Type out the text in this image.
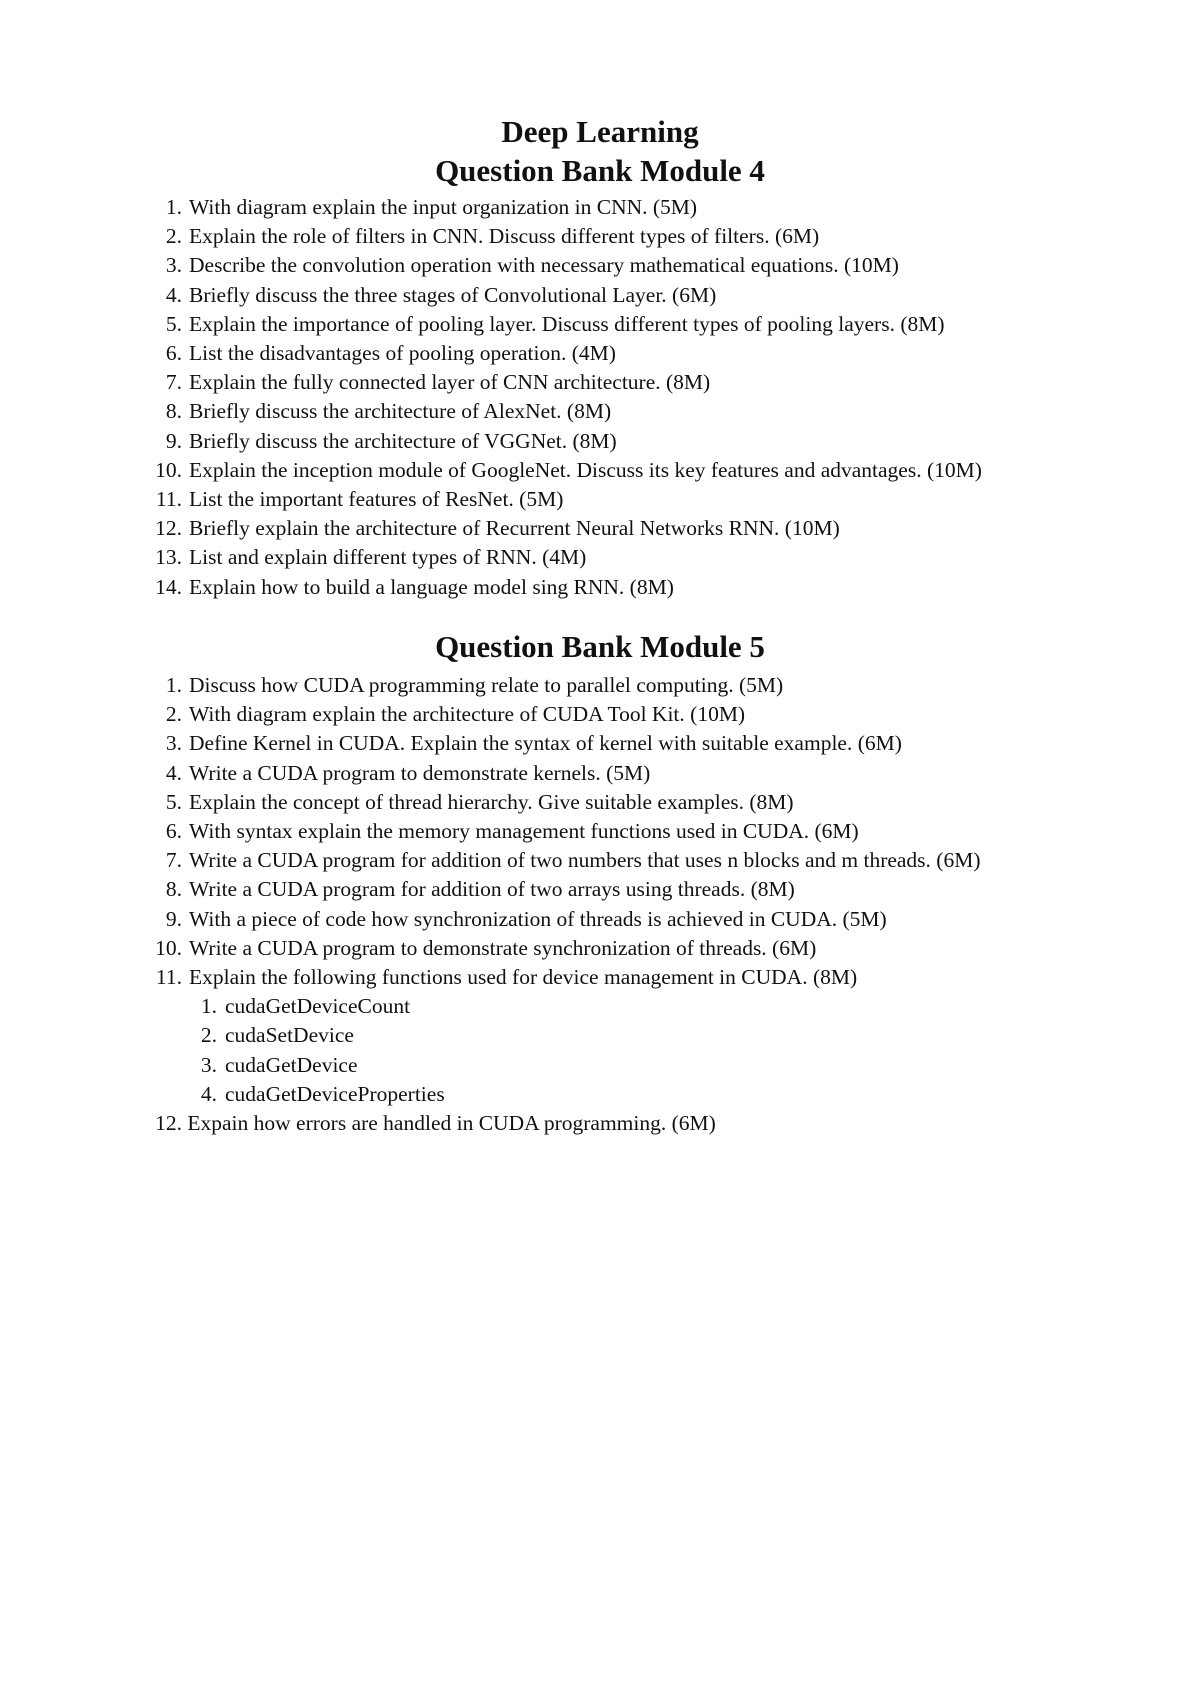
Deep Learning
Question Bank Module 4
1. With diagram explain the input organization in CNN. (5M)
2. Explain the role of filters in CNN. Discuss different types of filters. (6M)
3. Describe the convolution operation with necessary mathematical equations. (10M)
4. Briefly discuss the three stages of Convolutional Layer. (6M)
5. Explain the importance of pooling layer. Discuss different types of pooling layers. (8M)
6. List the disadvantages of pooling operation. (4M)
7. Explain the fully connected layer of CNN architecture. (8M)
8. Briefly discuss the architecture of AlexNet. (8M)
9. Briefly discuss the architecture of VGGNet. (8M)
10. Explain the inception module of GoogleNet. Discuss its key features and advantages. (10M)
11. List the important features of ResNet. (5M)
12. Briefly explain the architecture of Recurrent Neural Networks RNN. (10M)
13. List and explain different types of RNN. (4M)
14. Explain how to build a language model sing RNN. (8M)
Question Bank Module 5
1. Discuss how CUDA programming relate to parallel computing. (5M)
2. With diagram explain the architecture of CUDA Tool Kit. (10M)
3. Define Kernel in CUDA. Explain the syntax of kernel with suitable example. (6M)
4. Write a CUDA program to demonstrate kernels. (5M)
5. Explain the concept of thread hierarchy. Give suitable examples. (8M)
6. With syntax explain the memory management functions used in CUDA. (6M)
7. Write a CUDA program for addition of two numbers that uses n blocks and m threads. (6M)
8. Write a CUDA program for addition of two arrays using threads. (8M)
9. With a piece of code how synchronization of threads is achieved in CUDA. (5M)
10. Write a CUDA program to demonstrate synchronization of threads. (6M)
11. Explain the following functions used for device management in CUDA. (8M)
1. cudaGetDeviceCount
2. cudaSetDevice
3. cudaGetDevice
4. cudaGetDeviceProperties
12. Expain how errors are handled in CUDA programming. (6M)
